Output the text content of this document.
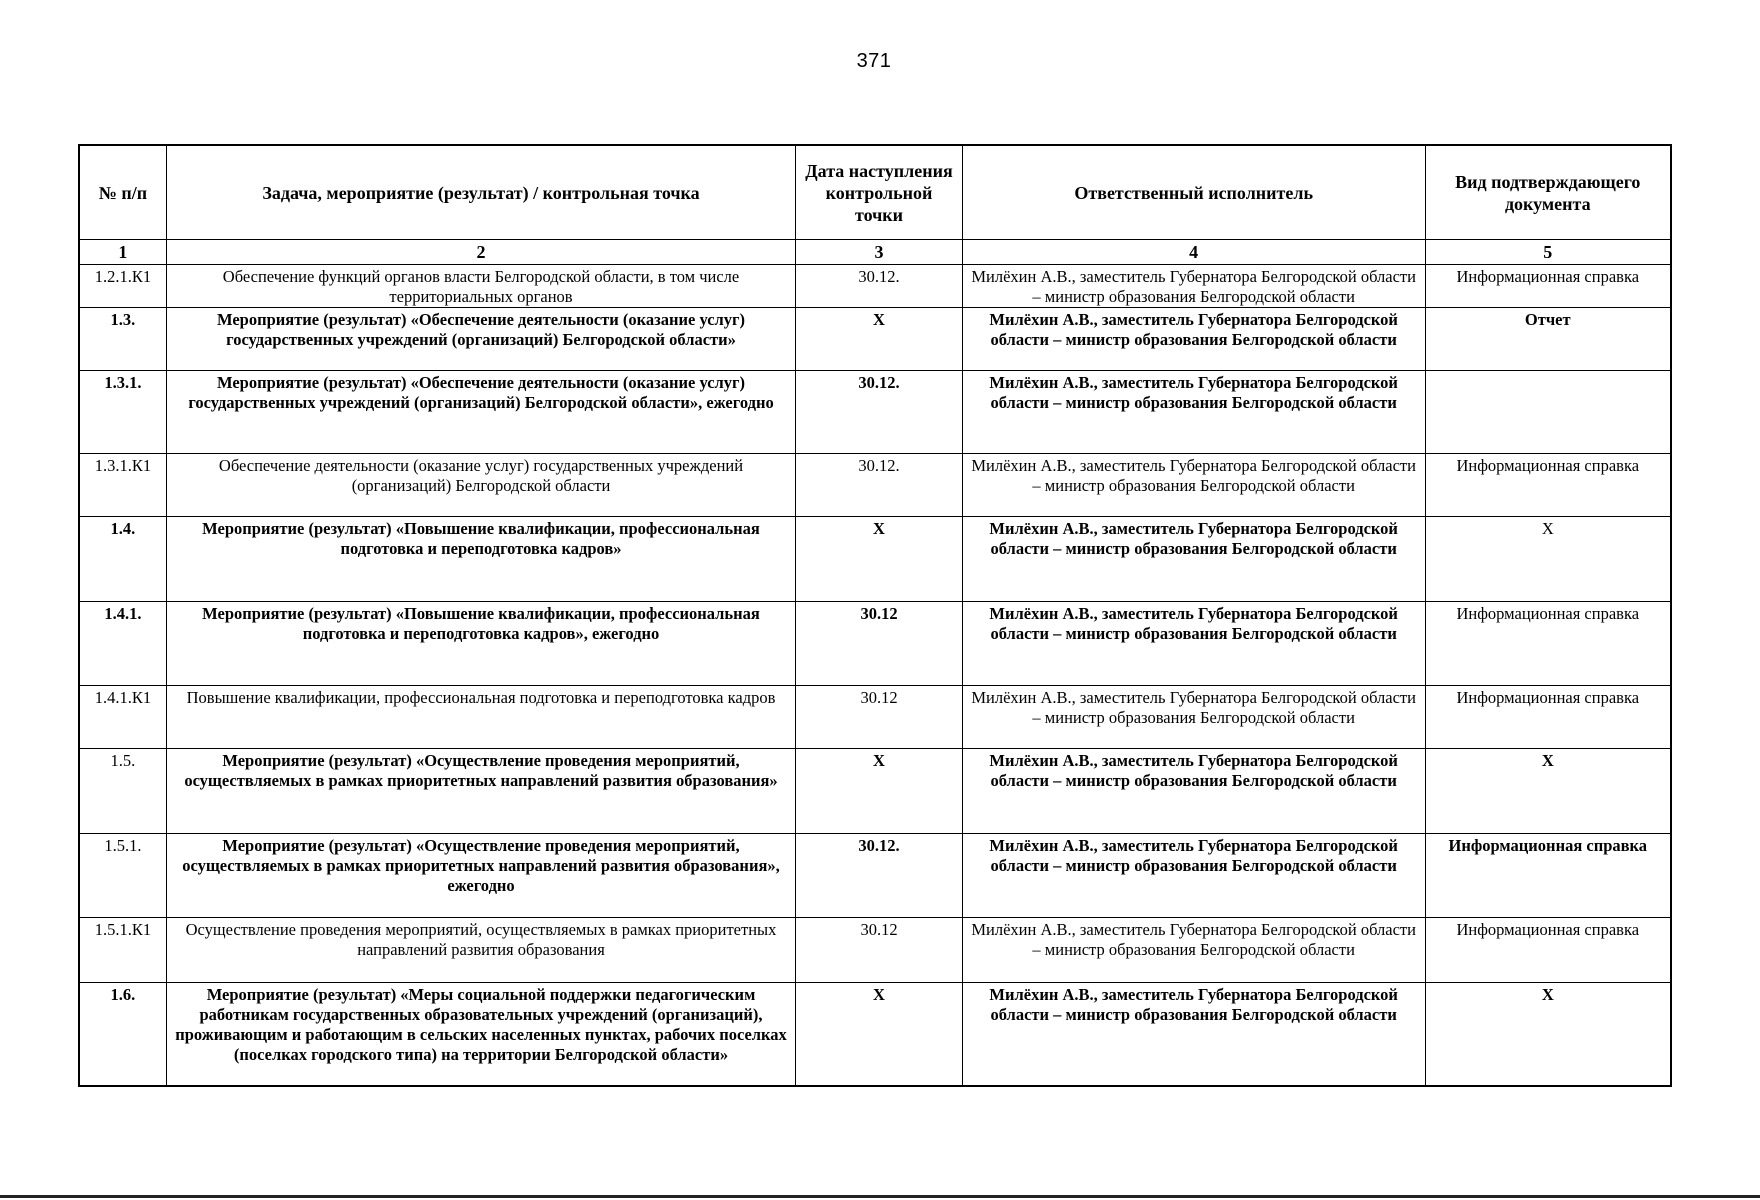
371
№ п/п	Задача, мероприятие (результат) / контрольная точка	Дата наступления контрольной точки	Ответственный исполнитель	Вид подтверждающего документа
1	2	3	4	5
1.2.1.К1	Обеспечение функций органов власти Белгородской области, в том числе территориальных органов	30.12.	Милёхин А.В., заместитель Губернатора Белгородской области – министр образования Белгородской области	Информационная справка
1.3.	Мероприятие (результат) «Обеспечение деятельности (оказание услуг) государственных учреждений (организаций) Белгородской области»	Х	Милёхин А.В., заместитель Губернатора Белгородской области – министр образования Белгородской области	Отчет
1.3.1.	Мероприятие (результат) «Обеспечение деятельности (оказание услуг) государственных учреждений (организаций) Белгородской области», ежегодно	30.12.	Милёхин А.В., заместитель Губернатора Белгородской области – министр образования Белгородской области	
1.3.1.К1	Обеспечение деятельности (оказание услуг) государственных учреждений (организаций) Белгородской области	30.12.	Милёхин А.В., заместитель Губернатора Белгородской области – министр образования Белгородской области	Информационная справка
1.4.	Мероприятие (результат) «Повышение квалификации, профессиональная подготовка и переподготовка кадров»	Х	Милёхин А.В., заместитель Губернатора Белгородской области – министр образования Белгородской области	Х
1.4.1.	Мероприятие (результат) «Повышение квалификации, профессиональная подготовка и переподготовка кадров», ежегодно	30.12	Милёхин А.В., заместитель Губернатора Белгородской области – министр образования Белгородской области	Информационная справка
1.4.1.К1	Повышение квалификации, профессиональная подготовка и переподготовка кадров	30.12	Милёхин А.В., заместитель Губернатора Белгородской области – министр образования Белгородской области	Информационная справка
1.5.	Мероприятие (результат) «Осуществление проведения мероприятий, осуществляемых в рамках приоритетных направлений развития образования»	Х	Милёхин А.В., заместитель Губернатора Белгородской области – министр образования Белгородской области	Х
1.5.1.	Мероприятие (результат) «Осуществление проведения мероприятий, осуществляемых в рамках приоритетных направлений развития образования», ежегодно	30.12.	Милёхин А.В., заместитель Губернатора Белгородской области – министр образования Белгородской области	Информационная справка
1.5.1.К1	Осуществление проведения мероприятий, осуществляемых в рамках приоритетных направлений развития образования	30.12	Милёхин А.В., заместитель Губернатора Белгородской области – министр образования Белгородской области	Информационная справка
1.6.	Мероприятие (результат) «Меры социальной поддержки педагогическим работникам государственных образовательных учреждений (организаций), проживающим и работающим в сельских населенных пунктах, рабочих поселках (поселках городского типа) на территории Белгородской области»	Х	Милёхин А.В., заместитель Губернатора Белгородской области – министр образования Белгородской области	Х
